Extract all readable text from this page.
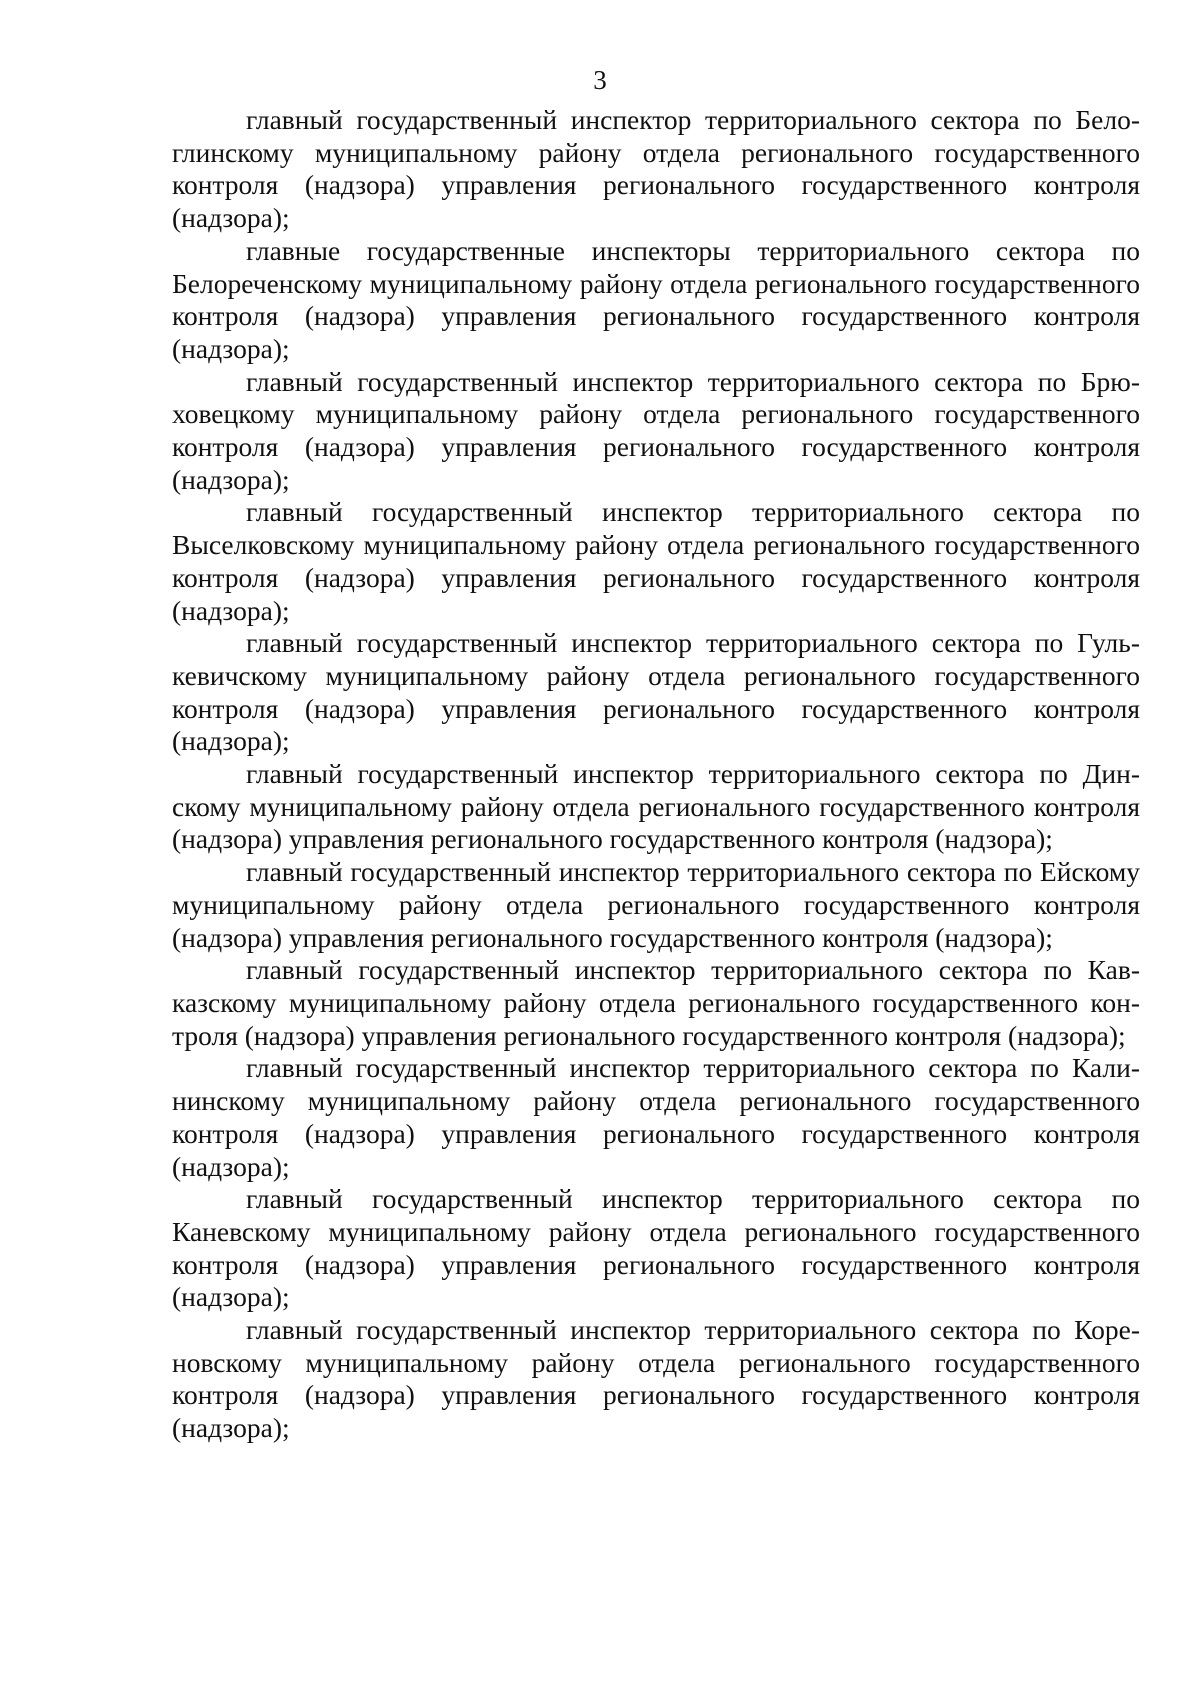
3

главный государственный инспектор территориального сектора по Белоглинскому муниципальному району отдела регионального государственного контроля (надзора) управления регионального государственного контроля (надзора);

главные государственные инспекторы территориального сектора по Белореченскому муниципальному району отдела регионального государственного контроля (надзора) управления регионального государственного контроля (надзора);

главный государственный инспектор территориального сектора по Брюховецкому муниципальному району отдела регионального государственного контроля (надзора) управления регионального государственного контроля (надзора);

главный государственный инспектор территориального сектора по Выселковскому муниципальному району отдела регионального государственного контроля (надзора) управления регионального государственного контроля (надзора);

главный государственный инспектор территориального сектора по Гулькевичскому муниципальному району отдела регионального государственного контроля (надзора) управления регионального государственного контроля (надзора);

главный государственный инспектор территориального сектора по Динскому муниципальному району отдела регионального государственного контроля (надзора) управления регионального государственного контроля (надзора);

главный государственный инспектор территориального сектора по Ейскому муниципальному району отдела регионального государственного контроля (надзора) управления регионального государственного контроля (надзора);

главный государственный инспектор территориального сектора по Кавказскому муниципальному району отдела регионального государственного контроля (надзора) управления регионального государственного контроля (надзора);

главный государственный инспектор территориального сектора по Калининскому муниципальному району отдела регионального государственного контроля (надзора) управления регионального государственного контроля (надзора);

главный государственный инспектор территориального сектора по Каневскому муниципальному району отдела регионального государственного контроля (надзора) управления регионального государственного контроля (надзора);

главный государственный инспектор территориального сектора по Кореновскому муниципальному району отдела регионального государственного контроля (надзора) управления регионального государственного контроля (надзора);
